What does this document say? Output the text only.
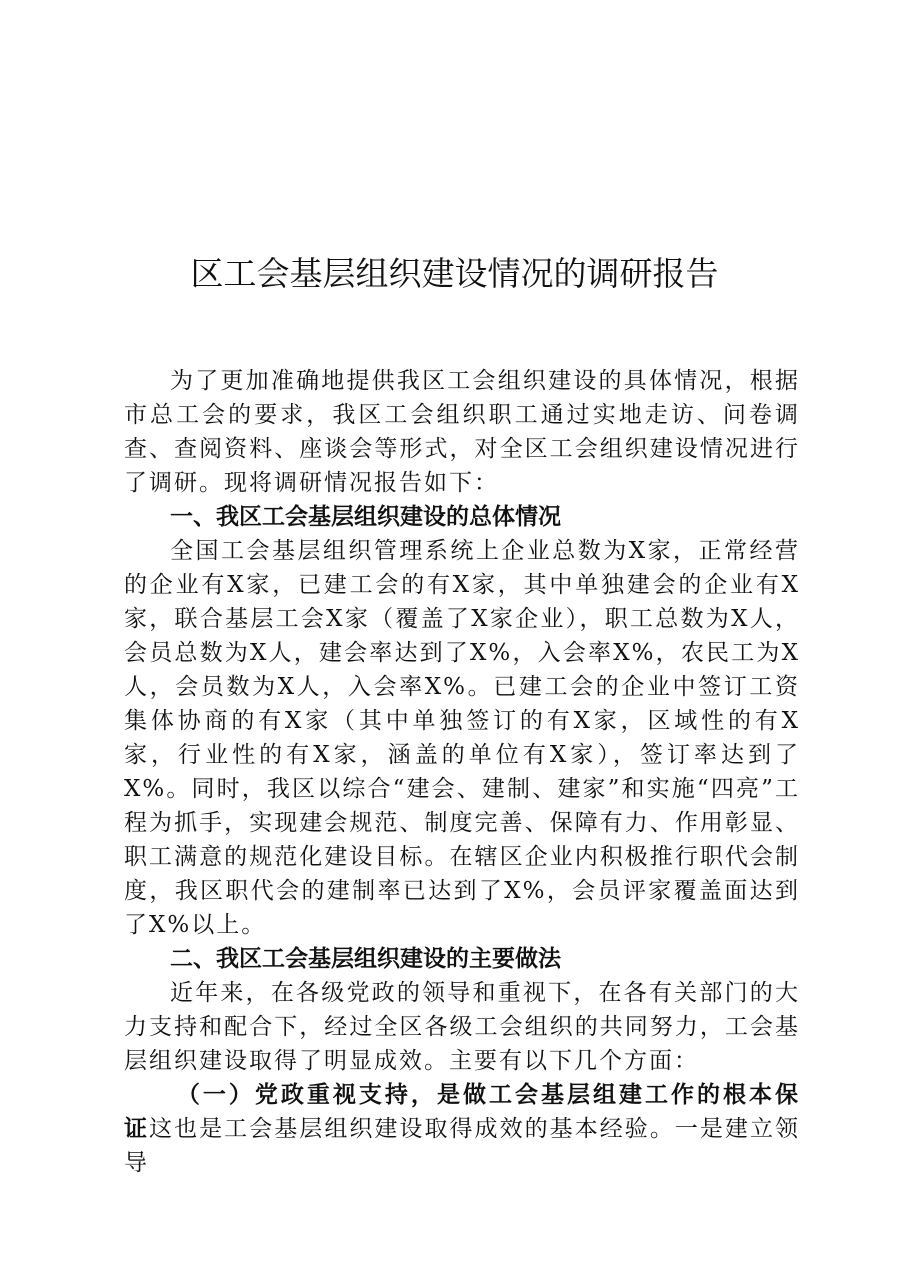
区工会基层组织建设情况的调研报告

为了更加准确地提供我区工会组织建设的具体情况，根据市总工会的要求，我区工会组织职工通过实地走访、问卷调查、查阅资料、座谈会等形式，对全区工会组织建设情况进行了调研。现将调研情况报告如下：

一、我区工会基层组织建设的总体情况

全国工会基层组织管理系统上企业总数为X家，正常经营的企业有X家，已建工会的有X家，其中单独建会的企业有X家，联合基层工会X家（覆盖了X家企业），职工总数为X人，会员总数为X人，建会率达到了X%，入会率X%，农民工为X人，会员数为X人，入会率X%。已建工会的企业中签订工资集体协商的有X家（其中单独签订的有X家，区域性的有X家，行业性的有X家，涵盖的单位有X家），签订率达到了X%。同时，我区以综合“建会、建制、建家”和实施“四亮”工程为抓手，实现建会规范、制度完善、保障有力、作用彰显、职工满意的规范化建设目标。在辖区企业内积极推行职代会制度，我区职代会的建制率已达到了X%，会员评家覆盖面达到了X%以上。

二、我区工会基层组织建设的主要做法

近年来，在各级党政的领导和重视下，在各有关部门的大力支持和配合下，经过全区各级工会组织的共同努力，工会基层组织建设取得了明显成效。主要有以下几个方面：

（一）党政重视支持，是做工会基层组建工作的根本保证这也是工会基层组织建设取得成效的基本经验。一是建立领导
